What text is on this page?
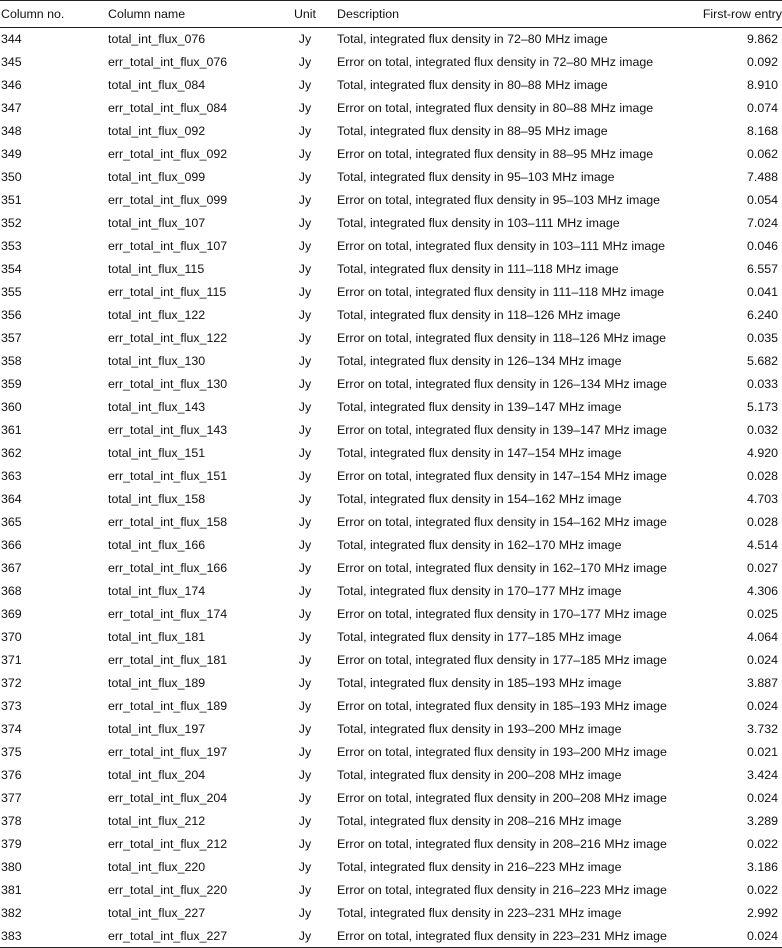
Column no.	Column name	Unit	Description	First-row entry
344	total_int_flux_076	Jy	Total, integrated flux density in 72–80 MHz image	9.862
345	err_total_int_flux_076	Jy	Error on total, integrated flux density in 72–80 MHz image	0.092
346	total_int_flux_084	Jy	Total, integrated flux density in 80–88 MHz image	8.910
347	err_total_int_flux_084	Jy	Error on total, integrated flux density in 80–88 MHz image	0.074
348	total_int_flux_092	Jy	Total, integrated flux density in 88–95 MHz image	8.168
349	err_total_int_flux_092	Jy	Error on total, integrated flux density in 88–95 MHz image	0.062
350	total_int_flux_099	Jy	Total, integrated flux density in 95–103 MHz image	7.488
351	err_total_int_flux_099	Jy	Error on total, integrated flux density in 95–103 MHz image	0.054
352	total_int_flux_107	Jy	Total, integrated flux density in 103–111 MHz image	7.024
353	err_total_int_flux_107	Jy	Error on total, integrated flux density in 103–111 MHz image	0.046
354	total_int_flux_115	Jy	Total, integrated flux density in 111–118 MHz image	6.557
355	err_total_int_flux_115	Jy	Error on total, integrated flux density in 111–118 MHz image	0.041
356	total_int_flux_122	Jy	Total, integrated flux density in 118–126 MHz image	6.240
357	err_total_int_flux_122	Jy	Error on total, integrated flux density in 118–126 MHz image	0.035
358	total_int_flux_130	Jy	Total, integrated flux density in 126–134 MHz image	5.682
359	err_total_int_flux_130	Jy	Error on total, integrated flux density in 126–134 MHz image	0.033
360	total_int_flux_143	Jy	Total, integrated flux density in 139–147 MHz image	5.173
361	err_total_int_flux_143	Jy	Error on total, integrated flux density in 139–147 MHz image	0.032
362	total_int_flux_151	Jy	Total, integrated flux density in 147–154 MHz image	4.920
363	err_total_int_flux_151	Jy	Error on total, integrated flux density in 147–154 MHz image	0.028
364	total_int_flux_158	Jy	Total, integrated flux density in 154–162 MHz image	4.703
365	err_total_int_flux_158	Jy	Error on total, integrated flux density in 154–162 MHz image	0.028
366	total_int_flux_166	Jy	Total, integrated flux density in 162–170 MHz image	4.514
367	err_total_int_flux_166	Jy	Error on total, integrated flux density in 162–170 MHz image	0.027
368	total_int_flux_174	Jy	Total, integrated flux density in 170–177 MHz image	4.306
369	err_total_int_flux_174	Jy	Error on total, integrated flux density in 170–177 MHz image	0.025
370	total_int_flux_181	Jy	Total, integrated flux density in 177–185 MHz image	4.064
371	err_total_int_flux_181	Jy	Error on total, integrated flux density in 177–185 MHz image	0.024
372	total_int_flux_189	Jy	Total, integrated flux density in 185–193 MHz image	3.887
373	err_total_int_flux_189	Jy	Error on total, integrated flux density in 185–193 MHz image	0.024
374	total_int_flux_197	Jy	Total, integrated flux density in 193–200 MHz image	3.732
375	err_total_int_flux_197	Jy	Error on total, integrated flux density in 193–200 MHz image	0.021
376	total_int_flux_204	Jy	Total, integrated flux density in 200–208 MHz image	3.424
377	err_total_int_flux_204	Jy	Error on total, integrated flux density in 200–208 MHz image	0.024
378	total_int_flux_212	Jy	Total, integrated flux density in 208–216 MHz image	3.289
379	err_total_int_flux_212	Jy	Error on total, integrated flux density in 208–216 MHz image	0.022
380	total_int_flux_220	Jy	Total, integrated flux density in 216–223 MHz image	3.186
381	err_total_int_flux_220	Jy	Error on total, integrated flux density in 216–223 MHz image	0.022
382	total_int_flux_227	Jy	Total, integrated flux density in 223–231 MHz image	2.992
383	err_total_int_flux_227	Jy	Error on total, integrated flux density in 223–231 MHz image	0.024
